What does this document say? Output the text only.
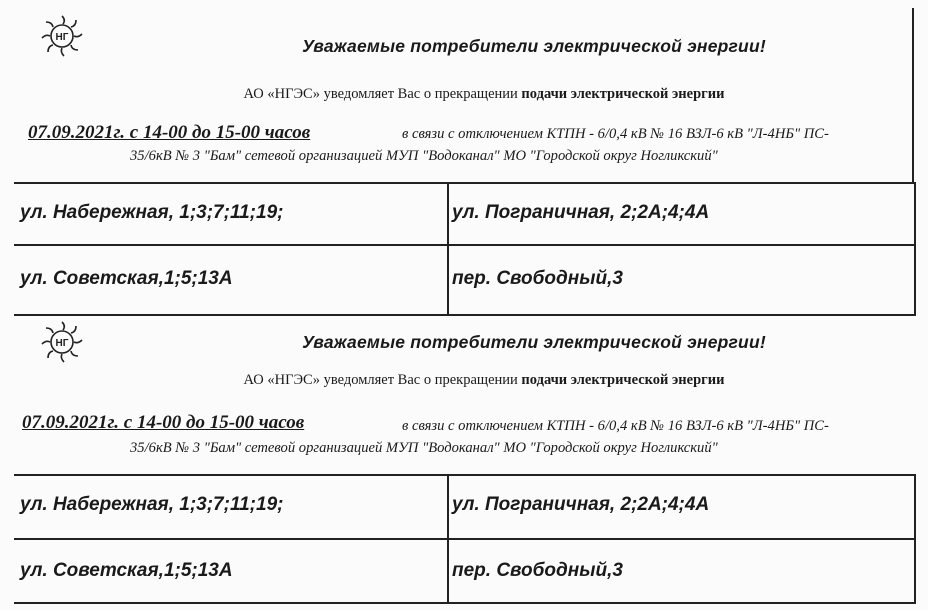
НГ	Уважаемые потребители электрической энергии!
АО «НГЭС» уведомляет Вас о прекращении подачи электрической энергии
07.09.2021г. с 14-00 до 15-00 часов	в связи с отключением КТПН - 6/0,4 кВ № 16 ВЗЛ-6 кВ "Л-4НБ" ПС-
35/6кВ № 3 "Бам" сетевой организацией МУП "Водоканал" МО "Городской округ Ногликский"
ул. Набережная, 1;3;7;11;19;	ул. Пограничная, 2;2А;4;4А
ул. Советская,1;5;13А	пер. Свободный,3
НГ	Уважаемые потребители электрической энергии!
АО «НГЭС» уведомляет Вас о прекращении подачи электрической энергии
07.09.2021г. с 14-00 до 15-00 часов	в связи с отключением КТПН - 6/0,4 кВ № 16 ВЗЛ-6 кВ "Л-4НБ" ПС-
35/6кВ № 3 "Бам" сетевой организацией МУП "Водоканал" МО "Городской округ Ногликский"
ул. Набережная, 1;3;7;11;19;	ул. Пограничная, 2;2А;4;4А
ул. Советская,1;5;13А	пер. Свободный,3
